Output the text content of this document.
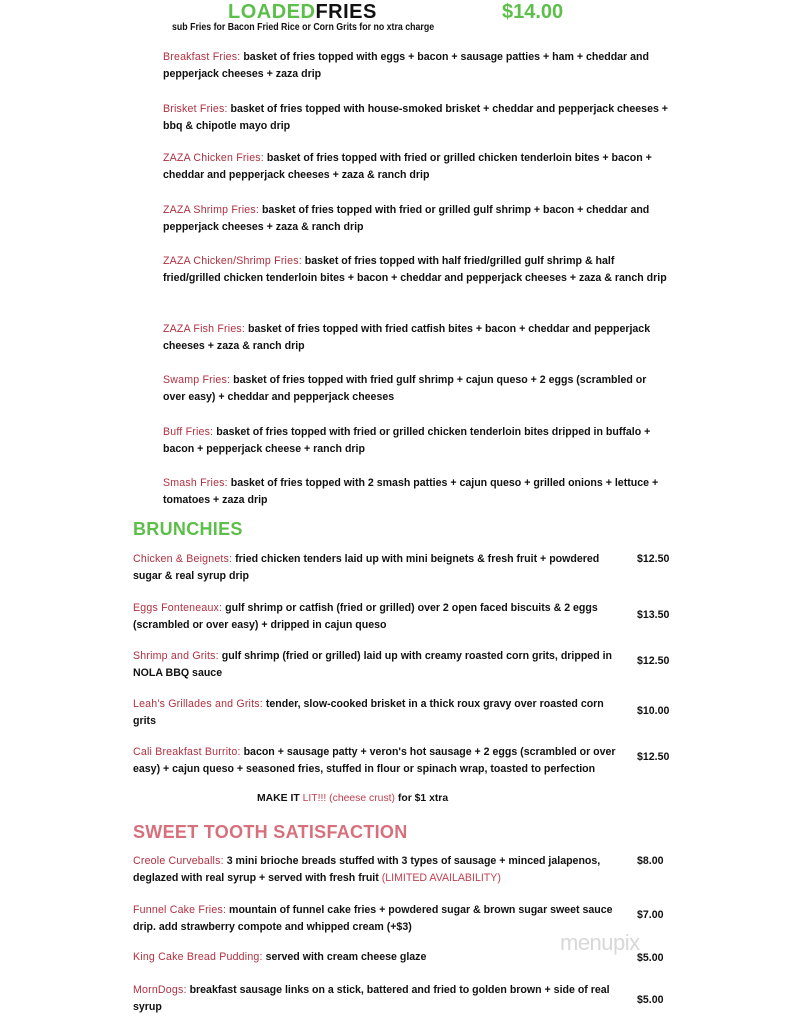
LOADEDFRIES	$14.00
sub Fries for Bacon Fried Rice or Corn Grits for no xtra charge
Breakfast Fries: basket of fries topped with eggs + bacon + sausage patties + ham + cheddar and pepperjack cheeses + zaza drip
Brisket Fries: basket of fries topped with house-smoked brisket + cheddar and pepperjack cheeses + bbq & chipotle mayo drip
ZAZA Chicken Fries: basket of fries topped with fried or grilled chicken tenderloin bites + bacon + cheddar and pepperjack cheeses + zaza & ranch drip
ZAZA Shrimp Fries: basket of fries topped with fried or grilled gulf shrimp + bacon + cheddar and pepperjack cheeses + zaza & ranch drip
ZAZA Chicken/Shrimp Fries: basket of fries topped with half fried/grilled gulf shrimp & half fried/grilled chicken tenderloin bites + bacon + cheddar and pepperjack cheeses + zaza & ranch drip
ZAZA Fish Fries: basket of fries topped with fried catfish bites + bacon + cheddar and pepperjack cheeses + zaza & ranch drip
Swamp Fries: basket of fries topped with fried gulf shrimp + cajun queso + 2 eggs (scrambled or over easy) + cheddar and pepperjack cheeses
Buff Fries: basket of fries topped with fried or grilled chicken tenderloin bites dripped in buffalo + bacon + pepperjack cheese + ranch drip
Smash Fries: basket of fries topped with 2 smash patties + cajun queso + grilled onions + lettuce + tomatoes + zaza drip
BRUNCHIES
Chicken & Beignets: fried chicken tenders laid up with mini beignets & fresh fruit + powdered sugar & real syrup drip
$12.50
Eggs Fonteneaux: gulf shrimp or catfish (fried or grilled) over 2 open faced biscuits & 2 eggs (scrambled or over easy) + dripped in cajun queso
$13.50
Shrimp and Grits: gulf shrimp (fried or grilled) laid up with creamy roasted corn grits, dripped in NOLA BBQ sauce
$12.50
Leah's Grillades and Grits: tender, slow-cooked brisket in a thick roux gravy over roasted corn grits
$10.00
Cali Breakfast Burrito: bacon + sausage patty + veron's hot sausage + 2 eggs (scrambled or over easy) + cajun queso + seasoned fries, stuffed in flour or spinach wrap, toasted to perfection
$12.50
MAKE IT LIT!!! (cheese crust) for $1 xtra
SWEET TOOTH SATISFACTION
Creole Curveballs: 3 mini brioche breads stuffed with 3 types of sausage + minced jalapenos, deglazed with real syrup + served with fresh fruit (LIMITED AVAILABILITY)
$8.00
Funnel Cake Fries: mountain of funnel cake fries + powdered sugar & brown sugar sweet sauce drip. add strawberry compote and whipped cream (+$3)
$7.00
King Cake Bread Pudding: served with cream cheese glaze	$5.00
MornDogs: breakfast sausage links on a stick, battered and fried to golden brown + side of real syrup
$5.00
menupix
